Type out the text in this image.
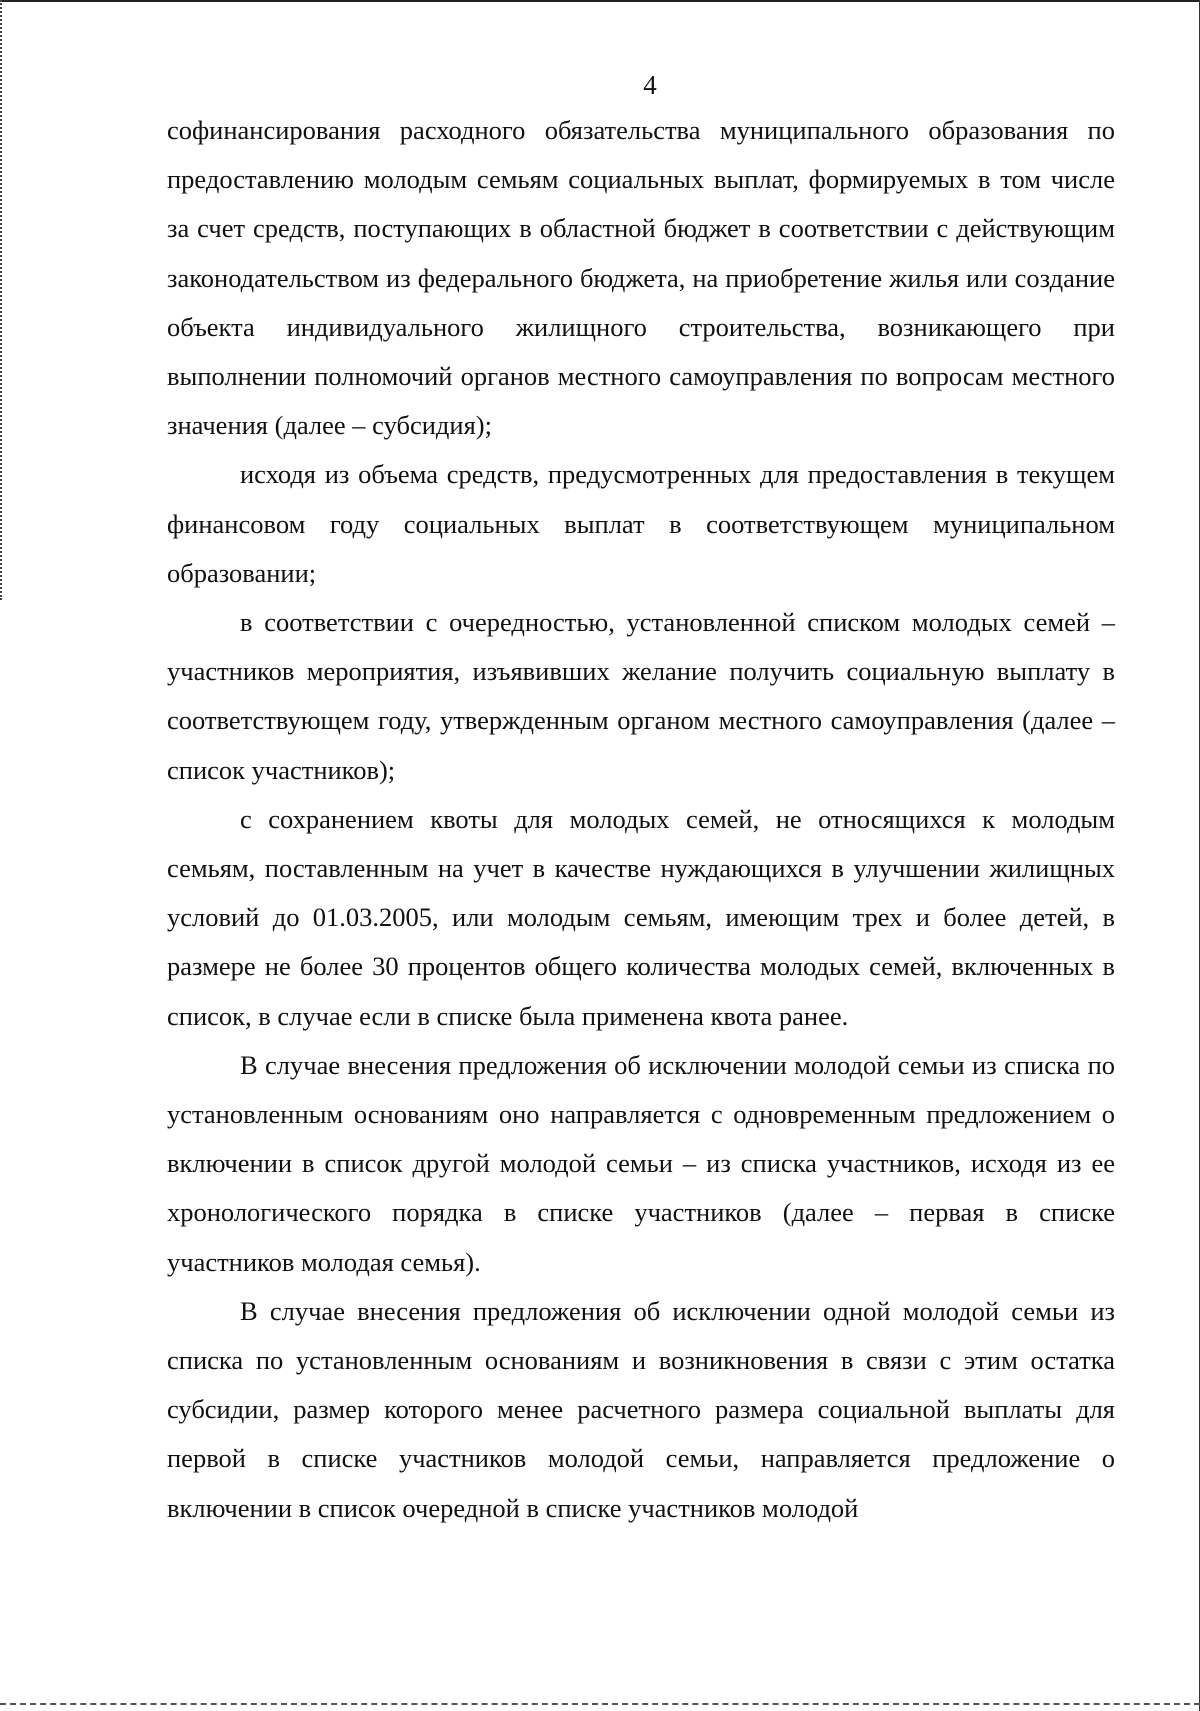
4

софинансирования расходного обязательства муниципального образования по предоставлению молодым семьям социальных выплат, формируемых в том числе за счет средств, поступающих в областной бюджет в соответствии с действующим законодательством из федерального бюджета, на приобретение жилья или создание объекта индивидуального жилищного строительства, возникающего при выполнении полномочий органов местного самоуправления по вопросам местного значения (далее – субсидия);

исходя из объема средств, предусмотренных для предоставления в текущем финансовом году социальных выплат в соответствующем муниципальном образовании;

в соответствии с очередностью, установленной списком молодых семей – участников мероприятия, изъявивших желание получить социальную выплату в соответствующем году, утвержденным органом местного самоуправления (далее – список участников);

с сохранением квоты для молодых семей, не относящихся к молодым семьям, поставленным на учет в качестве нуждающихся в улучшении жилищных условий до 01.03.2005, или молодым семьям, имеющим трех и более детей, в размере не более 30 процентов общего количества молодых семей, включенных в список, в случае если в списке была применена квота ранее.

В случае внесения предложения об исключении молодой семьи из списка по установленным основаниям оно направляется с одновременным предложением о включении в список другой молодой семьи – из списка участников, исходя из ее хронологического порядка в списке участников (далее – первая в списке участников молодая семья).

В случае внесения предложения об исключении одной молодой семьи из списка по установленным основаниям и возникновения в связи с этим остатка субсидии, размер которого менее расчетного размера социальной выплаты для первой в списке участников молодой семьи, направляется предложение о включении в список очередной в списке участников молодой
